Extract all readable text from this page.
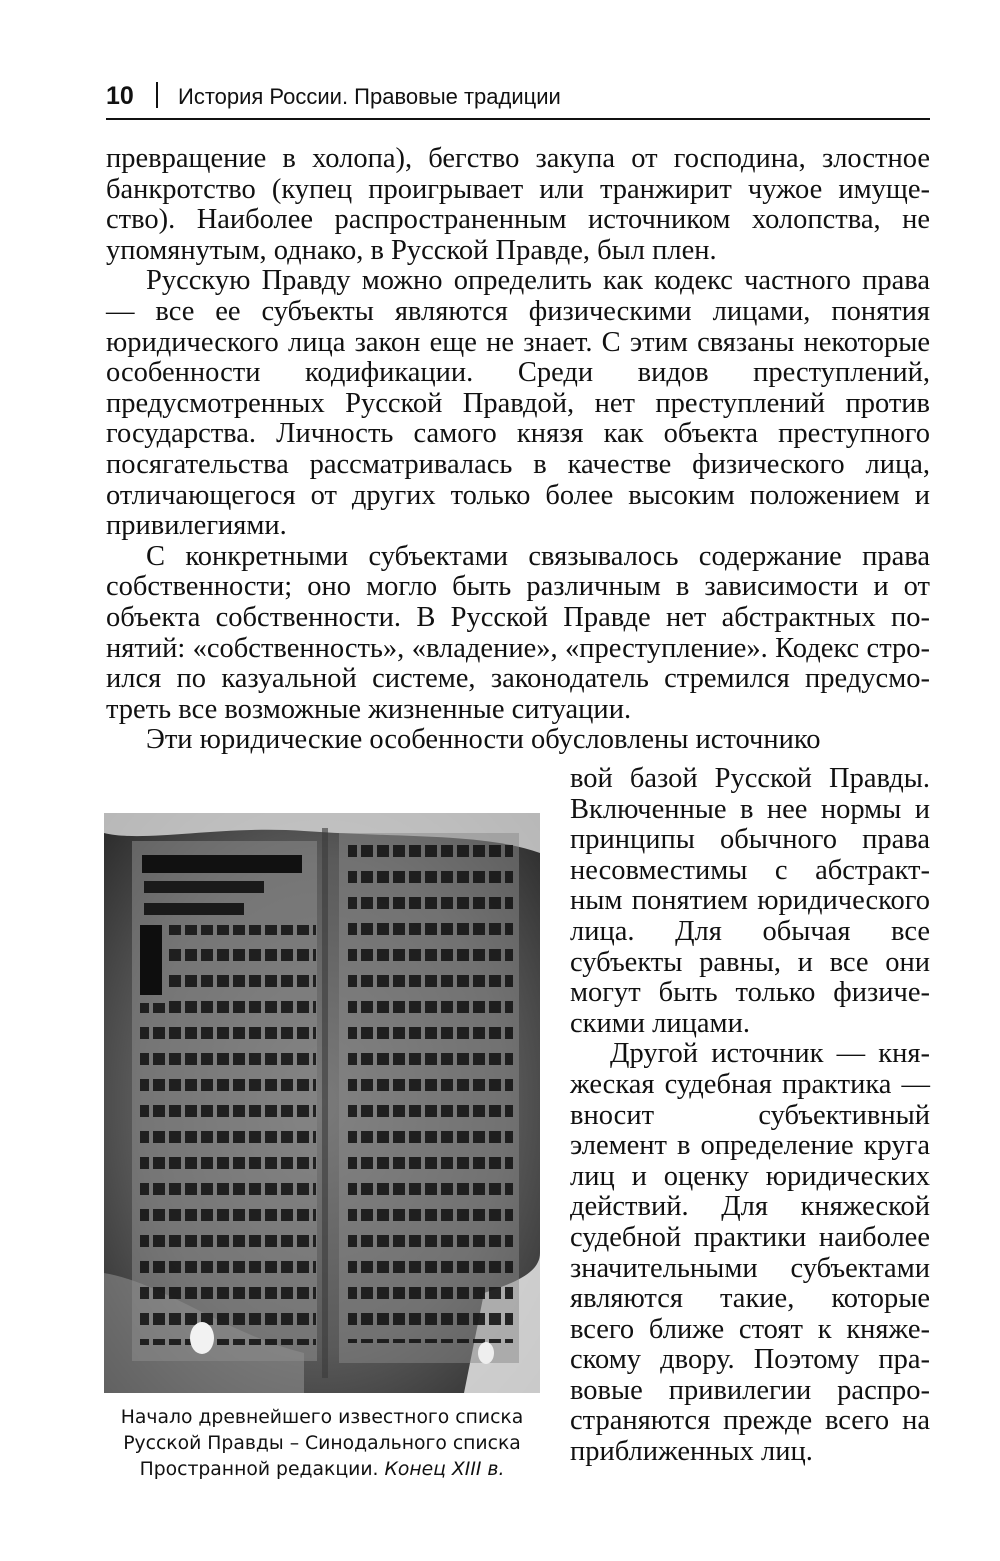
10 История России. Правовые традиции

превращение в холопа), бегство закупа от господина, злостное банкротство (купец проигрывает или транжирит чужое имущество). Наиболее распространенным источником холопства, не упомянутым, однако, в Русской Правде, был плен.

Русскую Правду можно определить как кодекс частного права — все ее субъекты являются физическими лицами, понятия юридического лица закон еще не знает. С этим связаны некоторые особенности кодификации. Среди видов преступлений, предусмотренных Русской Правдой, нет преступлений против государства. Личность самого князя как объекта преступного посягательства рассматривалась в качестве физического лица, отличающегося от других только более высоким положением и привилегиями.

С конкретными субъектами связывалось содержание права собственности; оно могло быть различным в зависимости и от объекта собственности. В Русской Правде нет абстрактных понятий: «собственность», «владение», «преступление». Кодекс строился по казуальной системе, законодатель стремился предусмотреть все возможные жизненные ситуации.

Эти юридические особенности обусловлены источнико

Начало древнейшего известного списка Русской Правды – Синодального списка Пространной редакции. Конец XIII в.

вой базой Русской Правды. Включенные в нее нормы и принципы обычного права несовместимы с абстрактным понятием юридического лица. Для обычая все субъекты равны, и все они могут быть только физическими лицами.

Другой источник — княжеская судебная практика — вносит субъективный элемент в определение круга лиц и оценку юридических действий. Для княжеской судебной практики наиболее значительными субъектами являются такие, которые всего ближе стоят к княжескому двору. Поэтому правовые привилегии распространяются прежде всего на приближенных лиц.
